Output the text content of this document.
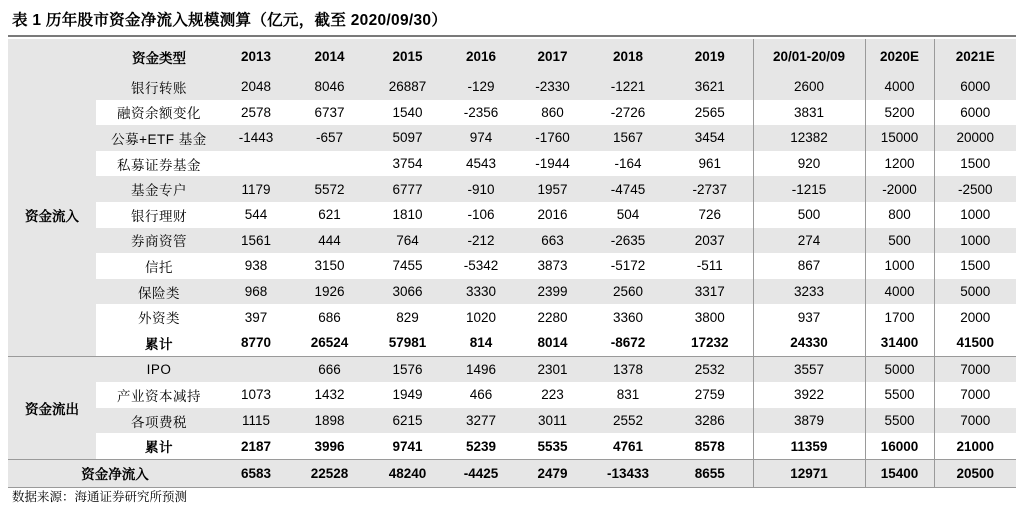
表 1 历年股市资金净流入规模测算（亿元，截至 2020/09/30）
	资金类型	2013	2014	2015	2016	2017	2018	2019	20/01-20/09	2020E	2021E
资金流入	银行转账	2048	8046	26887	-129	-2330	-1221	3621	2600	4000	6000
	融资余额变化	2578	6737	1540	-2356	860	-2726	2565	3831	5200	6000
	公募+ETF 基金	-1443	-657	5097	974	-1760	1567	3454	12382	15000	20000
	私募证券基金			3754	4543	-1944	-164	961	920	1200	1500
	基金专户	1179	5572	6777	-910	1957	-4745	-2737	-1215	-2000	-2500
	银行理财	544	621	1810	-106	2016	504	726	500	800	1000
	券商资管	1561	444	764	-212	663	-2635	2037	274	500	1000
	信托	938	3150	7455	-5342	3873	-5172	-511	867	1000	1500
	保险类	968	1926	3066	3330	2399	2560	3317	3233	4000	5000
	外资类	397	686	829	1020	2280	3360	3800	937	1700	2000
	累计	8770	26524	57981	814	8014	-8672	17232	24330	31400	41500
资金流出	IPO		666	1576	1496	2301	1378	2532	3557	5000	7000
	产业资本减持	1073	1432	1949	466	223	831	2759	3922	5500	7000
	各项费税	1115	1898	6215	3277	3011	2552	3286	3879	5500	7000
	累计	2187	3996	9741	5239	5535	4761	8578	11359	16000	21000
资金净流入		6583	22528	48240	-4425	2479	-13433	8655	12971	15400	20500
数据来源：海通证券研究所预测
